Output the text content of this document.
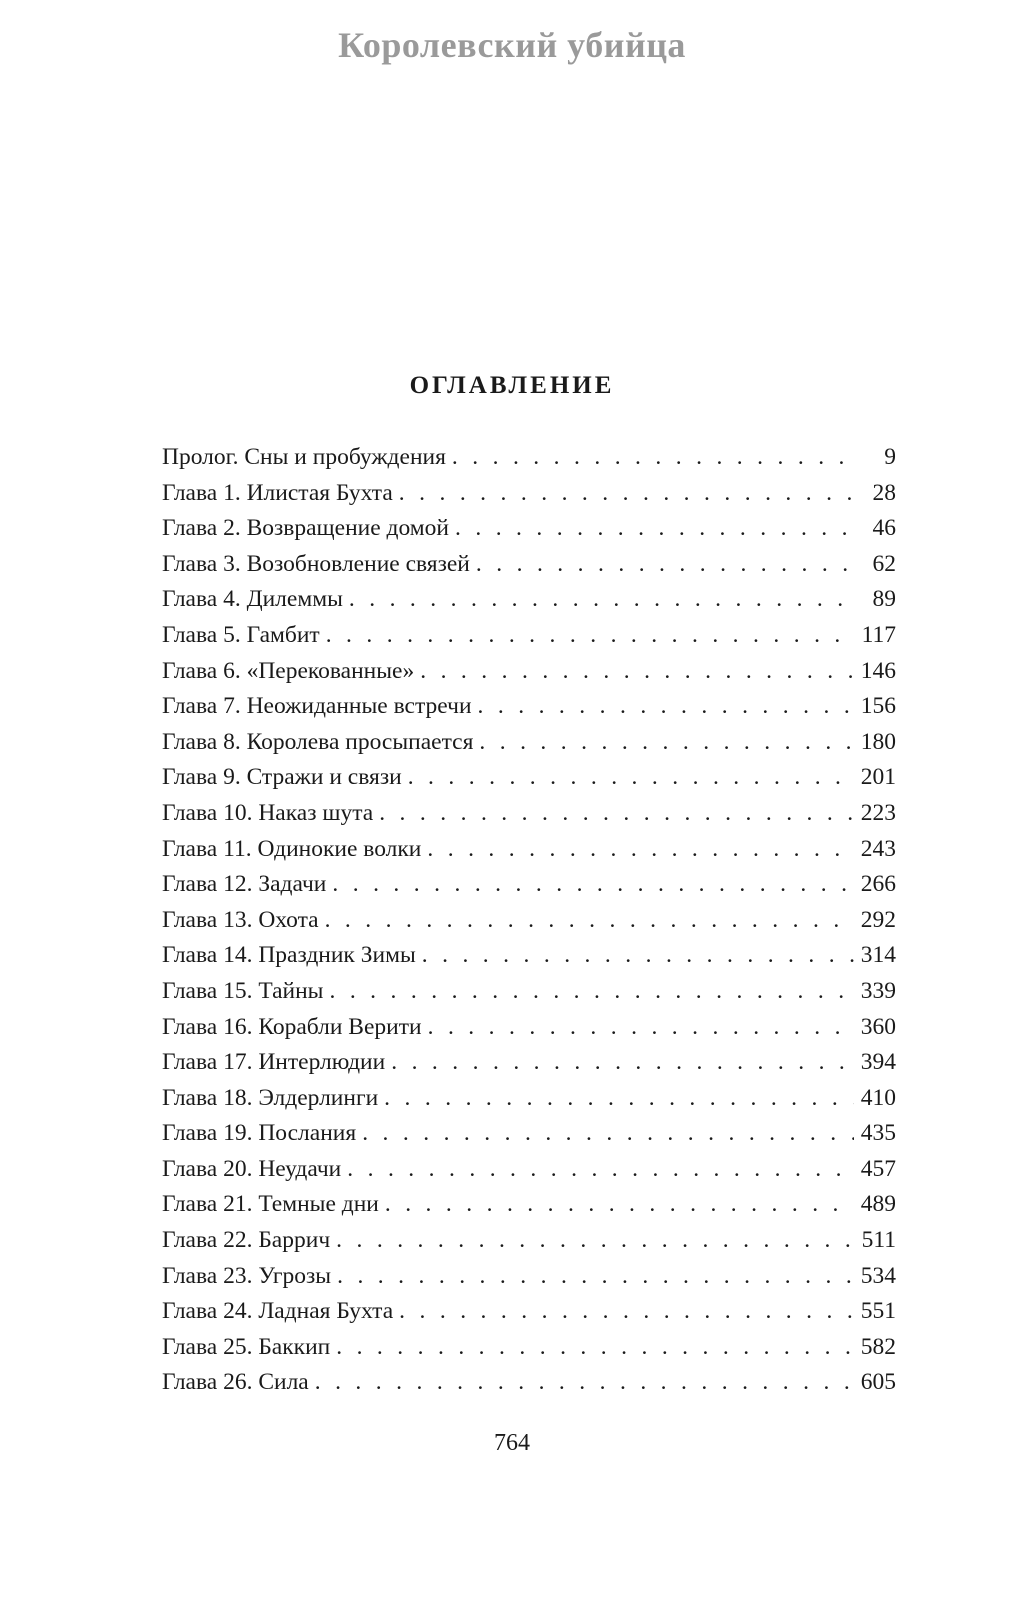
Королевский убийца
ОГЛАВЛЕНИЕ
Пролог. Сны и пробуждения . . .	9
Глава 1. Илистая Бухта . . .	28
Глава 2. Возвращение домой . . .	46
Глава 3. Возобновление связей . . .	62
Глава 4. Дилеммы . . .	89
Глава 5. Гамбит . . .	117
Глава 6. «Перекованные» . . .	146
Глава 7. Неожиданные встречи . . .	156
Глава 8. Королева просыпается . . .	180
Глава 9. Стражи и связи . . .	201
Глава 10. Наказ шута . . .	223
Глава 11. Одинокие волки . . .	243
Глава 12. Задачи . . .	266
Глава 13. Охота . . .	292
Глава 14. Праздник Зимы . . .	314
Глава 15. Тайны . . .	339
Глава 16. Корабли Верити . . .	360
Глава 17. Интерлюдии . . .	394
Глава 18. Элдерлинги . . .	410
Глава 19. Послания . . .	435
Глава 20. Неудачи . . .	457
Глава 21. Темные дни . . .	489
Глава 22. Баррич . . .	511
Глава 23. Угрозы . . .	534
Глава 24. Ладная Бухта . . .	551
Глава 25. Баккип . . .	582
Глава 26. Сила . . .	605
764
